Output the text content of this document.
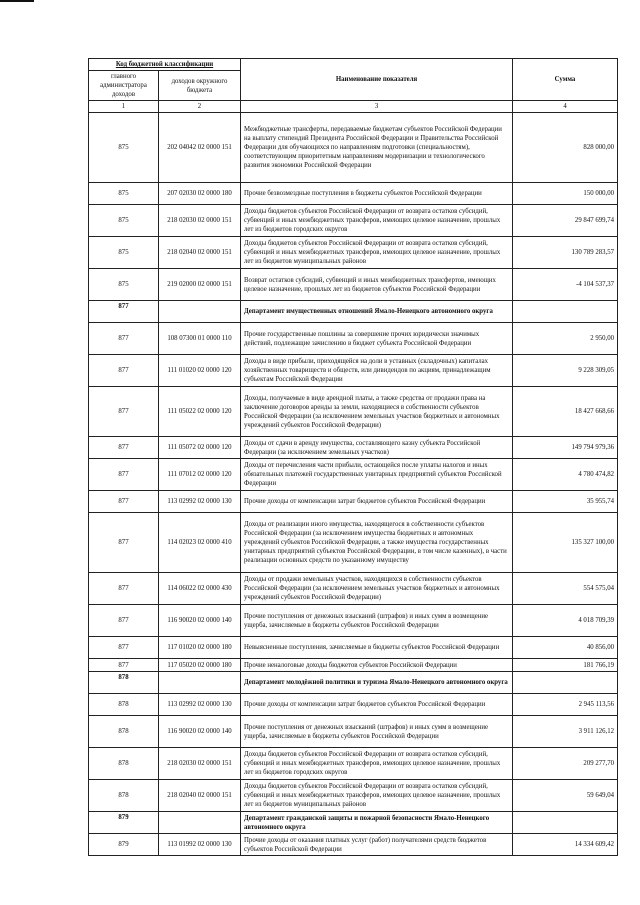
Код бюджетной классификации		Наименование показателя	Сумма
главного администратора доходов	доходов окружного бюджета		
1	2	3	4
875	202 04042 02 0000 151	Межбюджетные трансферты, передаваемые бюджетам субъектов Российской Федерации на выплату стипендий Президента Российской Федерации и Правительства Российской Федерации для обучающихся по направлениям подготовки (специальностям), соответствующим приоритетным направлениям модернизации и технологического развития экономики Российской Федерации	828 000,00
875	207 02030 02 0000 180	Прочие безвозмездные поступления в бюджеты субъектов Российской Федерации	150 000,00
875	218 02030 02 0000 151	Доходы бюджетов субъектов Российской Федерации от возврата остатков субсидий, субвенций и иных межбюджетных трансферов, имеющих целевое назначение, прошлых лет из бюджетов городских округов	29 847 699,74
875	218 02040 02 0000 151	Доходы бюджетов субъектов Российской Федерации от возврата остатков субсидий, субвенций и иных межбюджетных трансферов, имеющих целевое назначение, прошлых лет из бюджетов муниципальных районов	130 789 283,57
875	219 02000 02 0000 151	Возврат остатков субсидий, субвенций и иных межбюджетных трансфертов, имеющих целевое назначение, прошлых лет из бюджетов субъектов Российской Федерации	-4 104 537,37
877		Департамент имущественных отношений Ямало-Ненецкого автономного округа	
877	108 07300 01 0000 110	Прочие государственные пошлины за совершение прочих юридически значимых действий, подлежащие зачислению в бюджет субъекта Российской Федерации	2 950,00
877	111 01020 02 0000 120	Доходы в виде прибыли, приходящейся на доли в уставных (складочных) капиталах хозяйственных товариществ и обществ, или дивидендов по акциям, принадлежащим субъектам Российской Федерации	9 228 309,05
877	111 05022 02 0000 120	Доходы, получаемые в виде арендной платы, а также средства от продажи права на заключение договоров аренды за земли, находящиеся в собственности субъектов Российской Федерации (за исключением земельных участков бюджетных и автономных учреждений субъектов Российской Федерации)	18 427 668,66
877	111 05072 02 0000 120	Доходы от сдачи в аренду имущества, составляющего казну субъекта Российской Федерации (за исключением земельных участков)	149 794 979,36
877	111 07012 02 0000 120	Доходы от перечисления части прибыли, остающейся после уплаты налогов и иных обязательных платежей государственных унитарных предприятий субъектов Российской Федерации	4 780 474,82
877	113 02992 02 0000 130	Прочие доходы от компенсации затрат бюджетов субъектов Российской Федерации	35 955,74
877	114 02023 02 0000 410	Доходы от реализации иного имущества, находящегося в собственности субъектов Российской Федерации (за исключением имущества бюджетных и автономных учреждений субъектов Российской Федерации, а также имущества государственных унитарных предприятий субъектов Российской Федерации, в том числе казенных), в части реализации основных средств по указанному имуществу	135 327 100,00
877	114 06022 02 0000 430	Доходы от продажи земельных участков, находящихся в собственности субъектов Российской Федерации (за исключением земельных участков бюджетных и автономных учреждений субъектов Российской Федерации)	554 575,04
877	116 90020 02 0000 140	Прочие поступления от денежных взысканий (штрафов) и иных сумм в возмещение ущерба, зачисляемые в бюджеты субъектов Российской Федерации	4 018 709,39
877	117 01020 02 0000 180	Невыясненные поступления, зачисляемые в бюджеты субъектов Российской Федерации	40 856,00
877	117 05020 02 0000 180	Прочие неналоговые доходы бюджетов субъектов Российской Федерации	181 766,19
878		Департамент молодёжной политики и туризма Ямало-Ненецкого автономного округа	
878	113 02992 02 0000 130	Прочие доходы от компенсации затрат бюджетов субъектов Российской Федерации	2 945 113,56
878	116 90020 02 0000 140	Прочие поступления от денежных взысканий (штрафов) и иных сумм в возмещение ущерба, зачисляемые в бюджеты субъектов Российской Федерации	3 911 126,12
878	218 02030 02 0000 151	Доходы бюджетов субъектов Российской Федерации от возврата остатков субсидий, субвенций и иных межбюджетных трансферов, имеющих целевое назначение, прошлых лет из бюджетов городских округов	209 277,70
878	218 02040 02 0000 151	Доходы бюджетов субъектов Российской Федерации от возврата остатков субсидий, субвенций и иных межбюджетных трансферов, имеющих целевое назначение, прошлых лет из бюджетов муниципальных районов	59 649,04
879		Департамент гражданской защиты и пожарной безопасности Ямало-Ненецкого автономного округа	
879	113 01992 02 0000 130	Прочие доходы от оказания платных услуг (работ) получателями средств бюджетов субъектов Российской Федерации	14 334 609,42
